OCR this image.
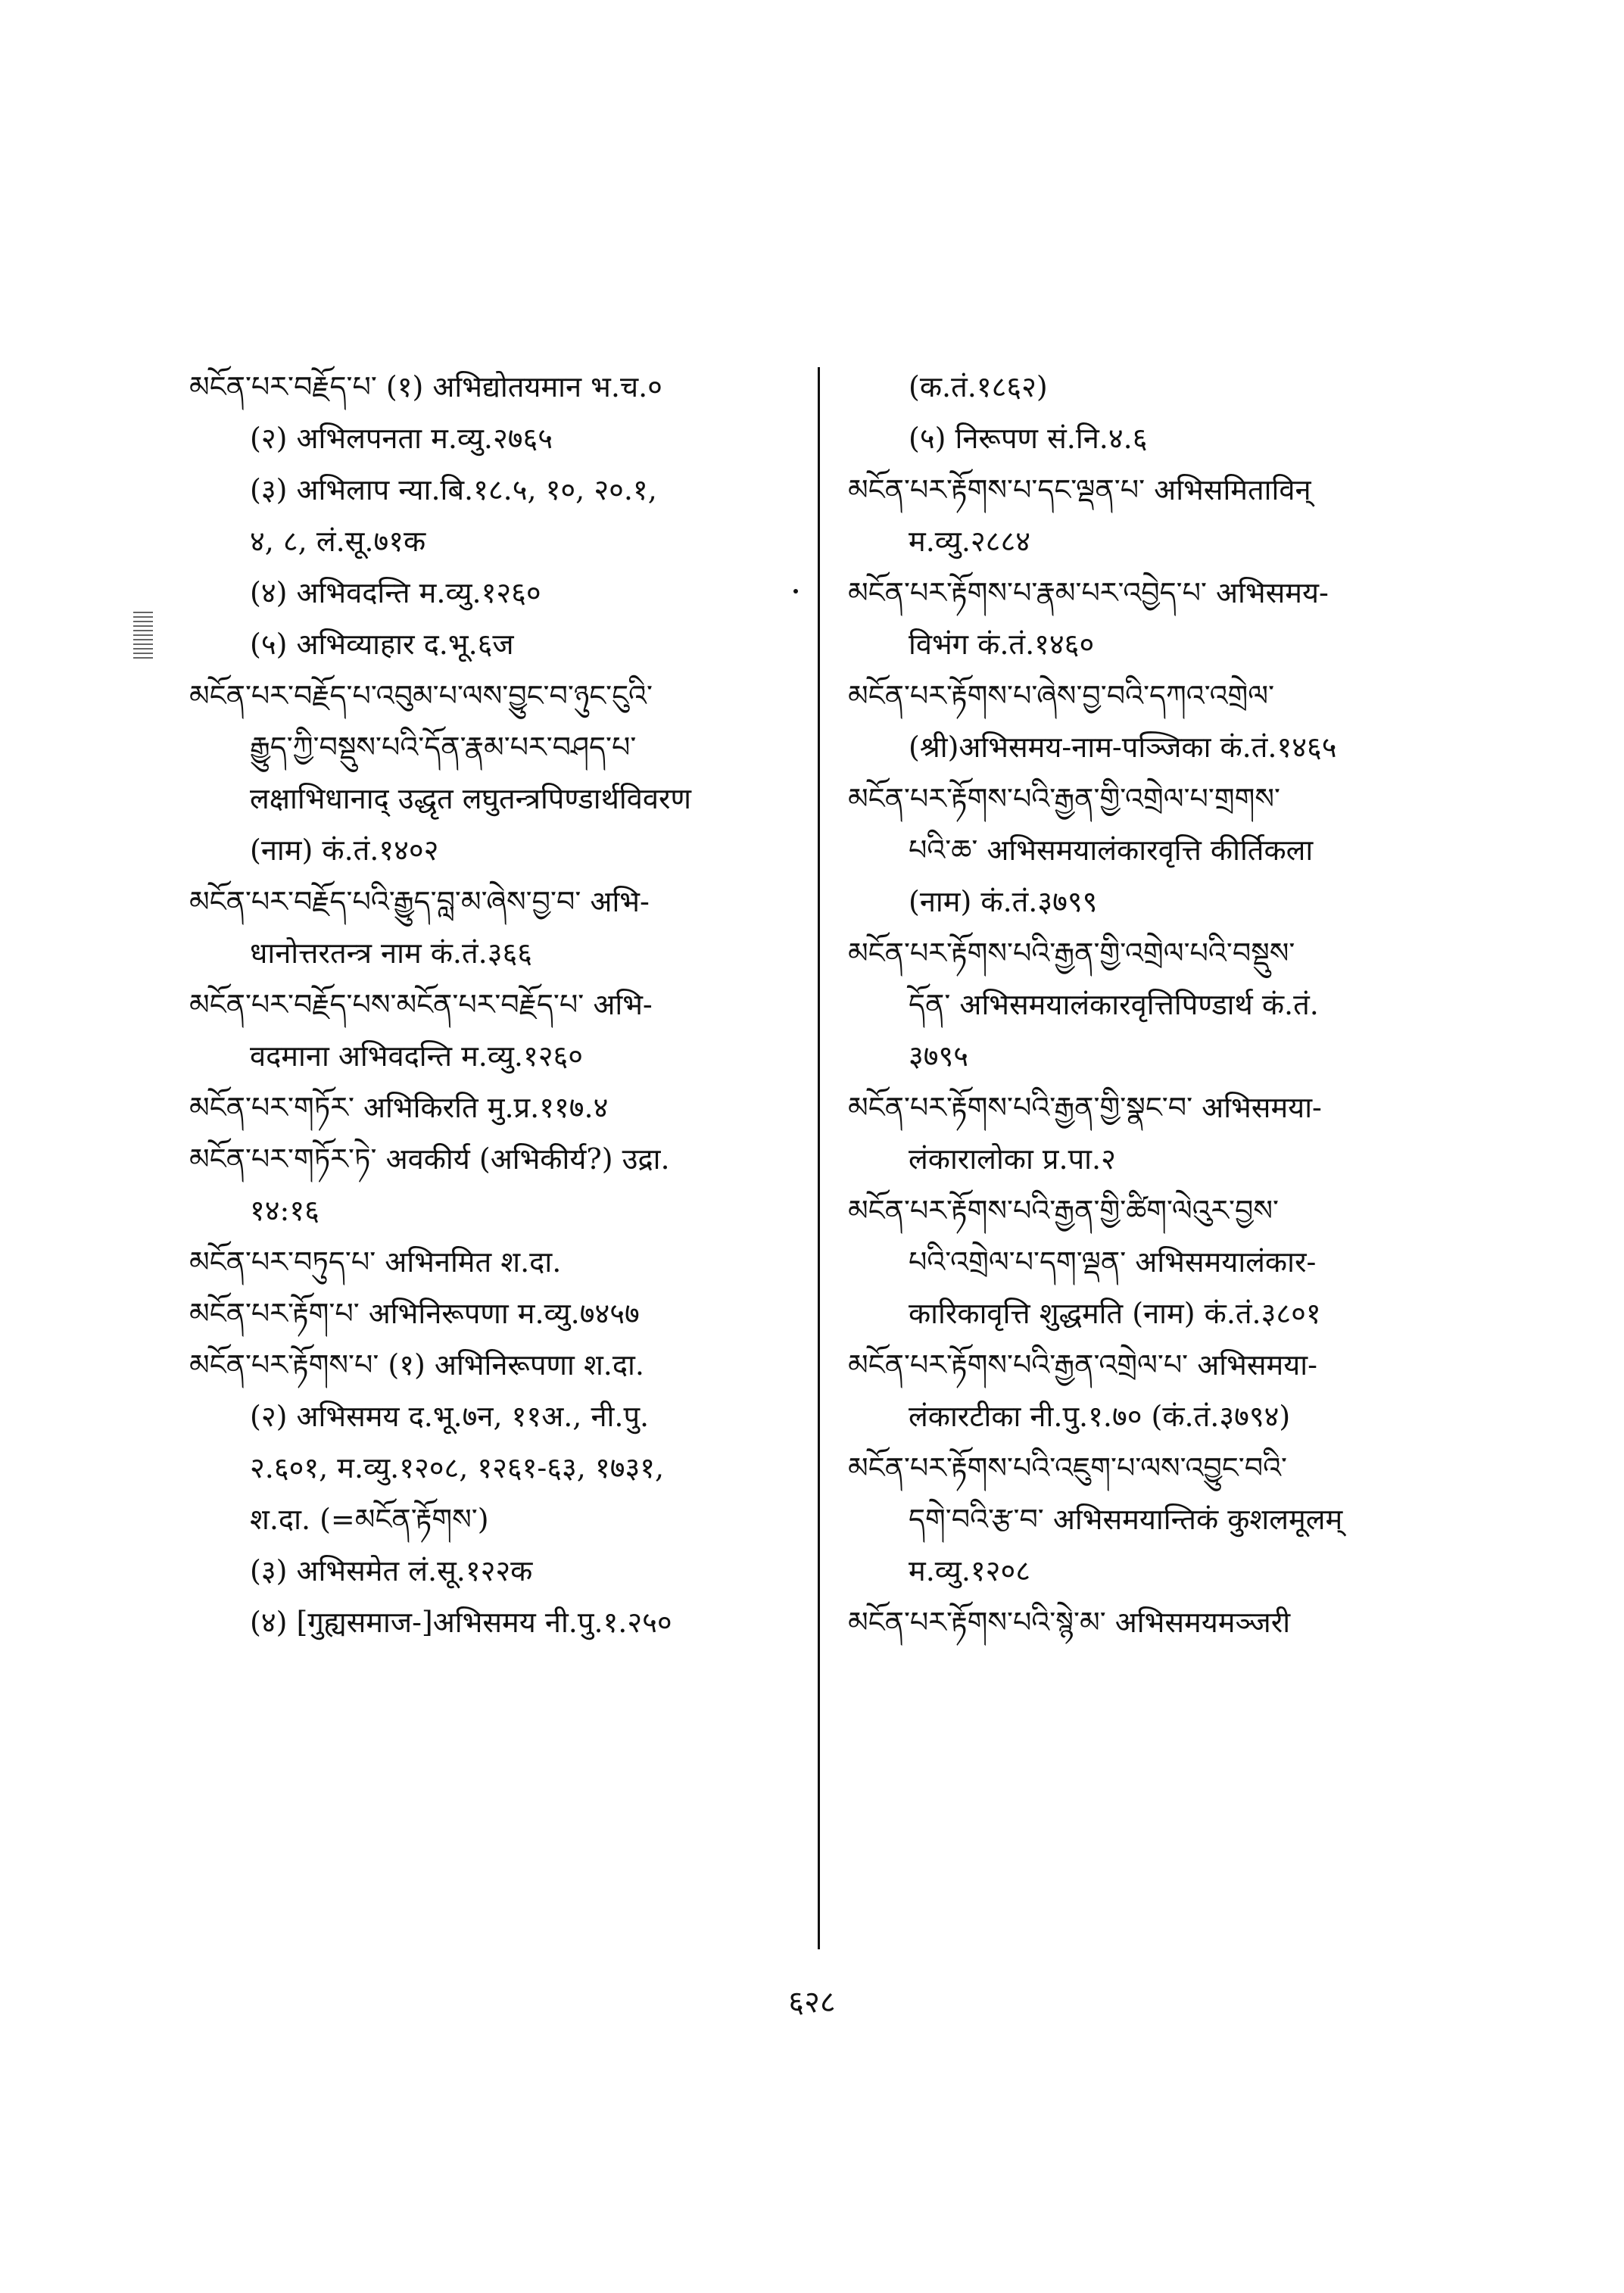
མངོན་པར་བརྗོད་པ་ (१) अभिद्योतयमान भ.च.०
(२) अभिलपनता म.व्यु.२७६५
(३) अभिलाप न्या.बि.१८.५, १०, २०.१,
४, ८, लं.सू.७१क
(४) अभिवदन्ति म.व्यु.१२६०
(५) अभिव्याहार द.भू.६ज
མངོན་པར་བརྗོད་པ་འབུམ་པ་ལས་བྱུང་བ་ཉུང་ངུའི་
རྒྱུད་ཀྱི་བསྡུས་པའི་དོན་རྣམ་པར་བཤད་པ་
लक्षाभिधानाद् उद्धृत लघुतन्त्रपिण्डार्थविवरण
(नाम) कं.तं.१४०२
མངོན་པར་བརྗོད་པའི་རྒྱུད་བླ་མ་ཞེས་བྱ་བ་ अभि-
धानोत्तरतन्त्र नाम कं.तं.३६६
མངོན་པར་བརྗོད་པས་མངོན་པར་བརྗོད་པ་ अभि-
वदमाना अभिवदन्ति म.व्यु.१२६०
མངོན་པར་གཏོར་ अभिकिरति मु.प्र.११७.४
མངོན་པར་གཏོར་ཏེ་ अवकीर्य (अभिकीर्य?) उद्रा.
१४:१६
མངོན་པར་བཏུད་པ་ अभिनमित श.दा.
མངོན་པར་རྟོག་པ་ अभिनिरूपणा म.व्यु.७४५७
མངོན་པར་རྟོགས་པ་ (१) अभिनिरूपणा श.दा.
(२) अभिसमय द.भू.७न, ११अ., नी.पु.
२.६०१, म.व्यु.१२०८, १२६१-६३, १७३१,
श.दा. (=མངོན་རྟོགས་)
(३) अभिसमेत लं.सू.१२२क
(४) [गुह्यसमाज-]अभिसमय नी.पु.१.२५०
(क.तं.१८६२)
(५) निरूपण सं.नि.४.६
མངོན་པར་རྟོགས་པ་དང་ལྡན་པ་ अभिसमिताविन्
म.व्यु.२८८४
མངོན་པར་རྟོགས་པ་རྣམ་པར་འབྱེད་པ་ अभिसमय-
विभंग कं.तं.१४६०
མངོན་པར་རྟོགས་པ་ཞེས་བྱ་བའི་དཀའ་འགྲེལ་
(श्री)अभिसमय-नाम-पञ्जिका कं.तं.१४६५
མངོན་པར་རྟོགས་པའི་རྒྱན་གྱི་འགྲེལ་པ་གྲགས་
པའི་ཆ་ अभिसमयालंकारवृत्ति कीर्तिकला
(नाम) कं.तं.३७९९
མངོན་པར་རྟོགས་པའི་རྒྱན་གྱི་འགྲེལ་པའི་བསྡུས་
དོན་ अभिसमयालंकारवृत्तिपिण्डार्थ कं.तं.
३७९५
མངོན་པར་རྟོགས་པའི་རྒྱན་གྱི་སྣང་བ་ अभिसमया-
लंकारालोका प्र.पा.२
མངོན་པར་རྟོགས་པའི་རྒྱན་གྱི་ཚིག་ལེའུར་བྱས་
པའི་འགྲེལ་པ་དག་ལྡན་ अभिसमयालंकार-
कारिकावृत्ति शुद्धमति (नाम) कं.तं.३८०१
མངོན་པར་རྟོགས་པའི་རྒྱན་འགྲེལ་པ་ अभिसमया-
लंकारटीका नी.पु.१.७० (कं.तं.३७९४)
མངོན་པར་རྟོགས་པའི་འཇུག་པ་ལས་འབྱུང་བའི་
དགེ་བའི་རྩ་བ་ अभिसमयान्तिकं कुशलमूलम्
म.व्यु.१२०८
མངོན་པར་རྟོགས་པའི་སྙེ་མ་ अभिसमयमञ्जरी
६२८
